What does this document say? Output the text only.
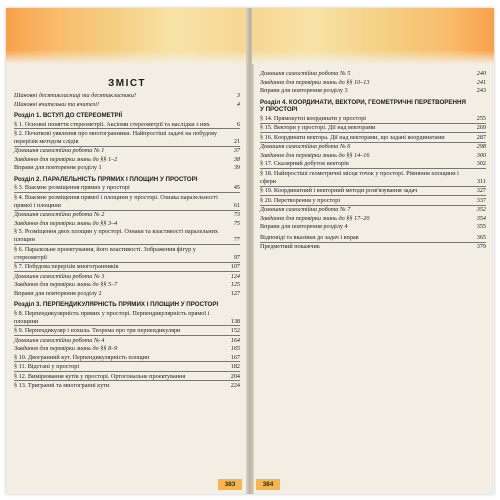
ЗМІСТ
Шановні десятикласниці та десятикласники!	3
Шановні вчительки та вчителі!	4
Розділ 1. ВСТУП ДО СТЕРЕОМЕТРІЇ
§ 1. Основні поняття стереометрії. Аксіоми стереометрії та наслідки з них	6
§ 2. Початкові уявлення про многогранники. Найпростіші задачі на побудову перерізів методом слідів	21
Домашня самостійна робота № 1	37
Завдання для перевірки знань до §§ 1–2	38
Вправи для повторення розділу 1	39
Розділ 2. ПАРАЛЕЛЬНІСТЬ ПРЯМИХ І ПЛОЩИН У ПРОСТОРІ
§ 3. Взаємне розміщення прямих у просторі	45
§ 4. Взаємне розміщення прямої і площини у просторі. Ознака паралельності прямої і площини	61
Домашня самостійна робота № 2	73
Завдання для перевірки знань до §§ 3–4	75
§ 5. Розміщення двох площин у просторі. Ознаки та властивості паралельних площин	77
§ 6. Паралельне проектування, його властивості. Зображення фігур у стереометрії	97
§ 7. Побудова перерізів многогранників	107
Домашня самостійна робота № 3	124
Завдання для перевірки знань до §§ 5–7	125
Вправи для повторення розділу 2	127
Розділ 3. ПЕРПЕНДИКУЛЯРНІСТЬ ПРЯМИХ І ПЛОЩИН У ПРОСТОРІ
§ 8. Перпендикулярність прямих у просторі. Перпендикулярність прямої і площини	138
§ 9. Перпендикуляр і похила. Теорема про три перпендикуляри	152
Домашня самостійна робота № 4	164
Завдання для перевірки знань до §§ 8–9	165
§ 10. Двогранний кут. Перпендикулярність площин	167
§ 11. Відстані у просторі	182
§ 12. Вимірювання кутів у просторі. Ортогональне проектування	204
§ 13. Тригранні та многогранні кути	224
383
Домашня самостійна робота № 5	240
Завдання для перевірки знань до §§ 10–13	241
Вправи для повторення розділу 3	243
Розділ 4. КООРДИНАТИ, ВЕКТОРИ, ГЕОМЕТРИЧНІ ПЕРЕТВОРЕННЯ У ПРОСТОРІ
§ 14. Прямокутні координати у просторі	255
§ 15. Вектори у просторі. Дії над векторами	269
§ 16. Координати вектора. Дії над векторами, що задані координатами	287
Домашня самостійна робота № 6	298
Завдання для перевірки знань до §§ 14–16	300
§ 17. Скалярний добуток векторів	302
§ 18. Найпростіші геометричні місця точок у просторі. Рівняння площини і сфери	311
§ 19. Координатний і векторний методи розв'язування задач	327
§ 20. Перетворення у просторі	337
Домашня самостійна робота № 7	352
Завдання для перевірки знань до §§ 17–20	354
Вправи для повторення розділу 4	355
Відповіді та вказівки до задач і вправ	365
Предметний покажчик	379
384
